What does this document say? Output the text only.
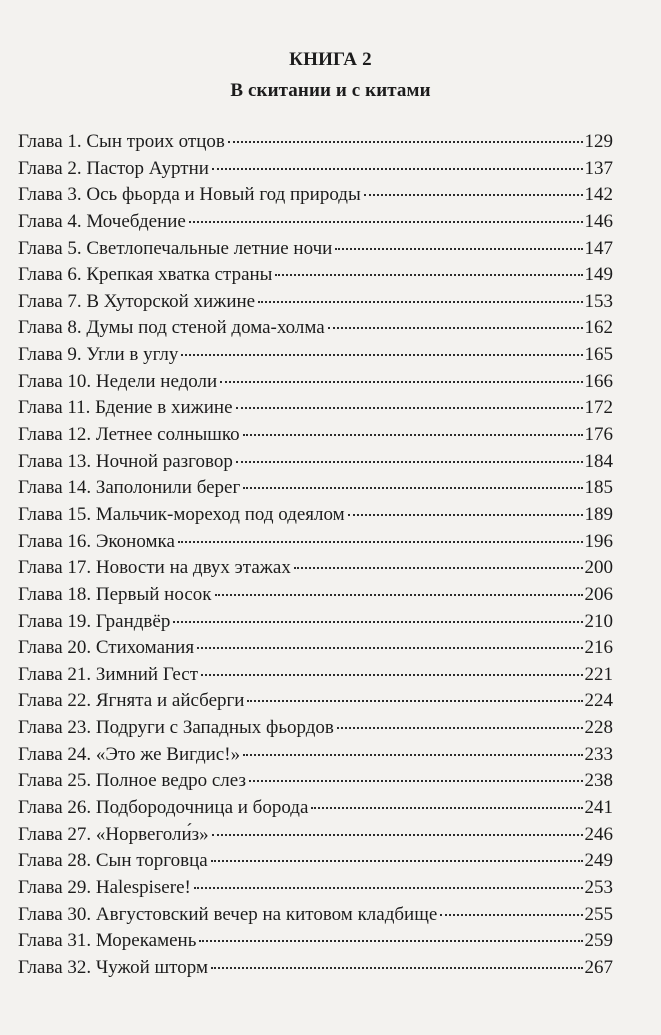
КНИГА 2
В скитании и с китами
Глава 1. Сын троих отцов	129
Глава 2. Пастор Ауртни	137
Глава 3. Ось фьорда и Новый год природы	142
Глава 4. Мочебдение	146
Глава 5. Светлопечальные летние ночи	147
Глава 6. Крепкая хватка страны	149
Глава 7. В Хуторской хижине	153
Глава 8. Думы под стеной дома-холма	162
Глава 9. Угли в углу	165
Глава 10. Недели недоли	166
Глава 11. Бдение в хижине	172
Глава 12. Летнее солнышко	176
Глава 13. Ночной разговор	184
Глава 14. Заполонили берег	185
Глава 15. Мальчик-мореход под одеялом	189
Глава 16. Экономка	196
Глава 17. Новости на двух этажах	200
Глава 18. Первый носок	206
Глава 19. Грандвёр	210
Глава 20. Стихомания	216
Глава 21. Зимний Гест	221
Глава 22. Ягнята и айсберги	224
Глава 23. Подруги с Западных фьордов	228
Глава 24. «Это же Вигдис!»	233
Глава 25. Полное ведро слез	238
Глава 26. Подбородочница и борода	241
Глава 27. «Норвеголи́з»	246
Глава 28. Сын торговца	249
Глава 29. Halespisere!	253
Глава 30. Августовский вечер на китовом кладбище	255
Глава 31. Морекамень	259
Глава 32. Чужой шторм	267
